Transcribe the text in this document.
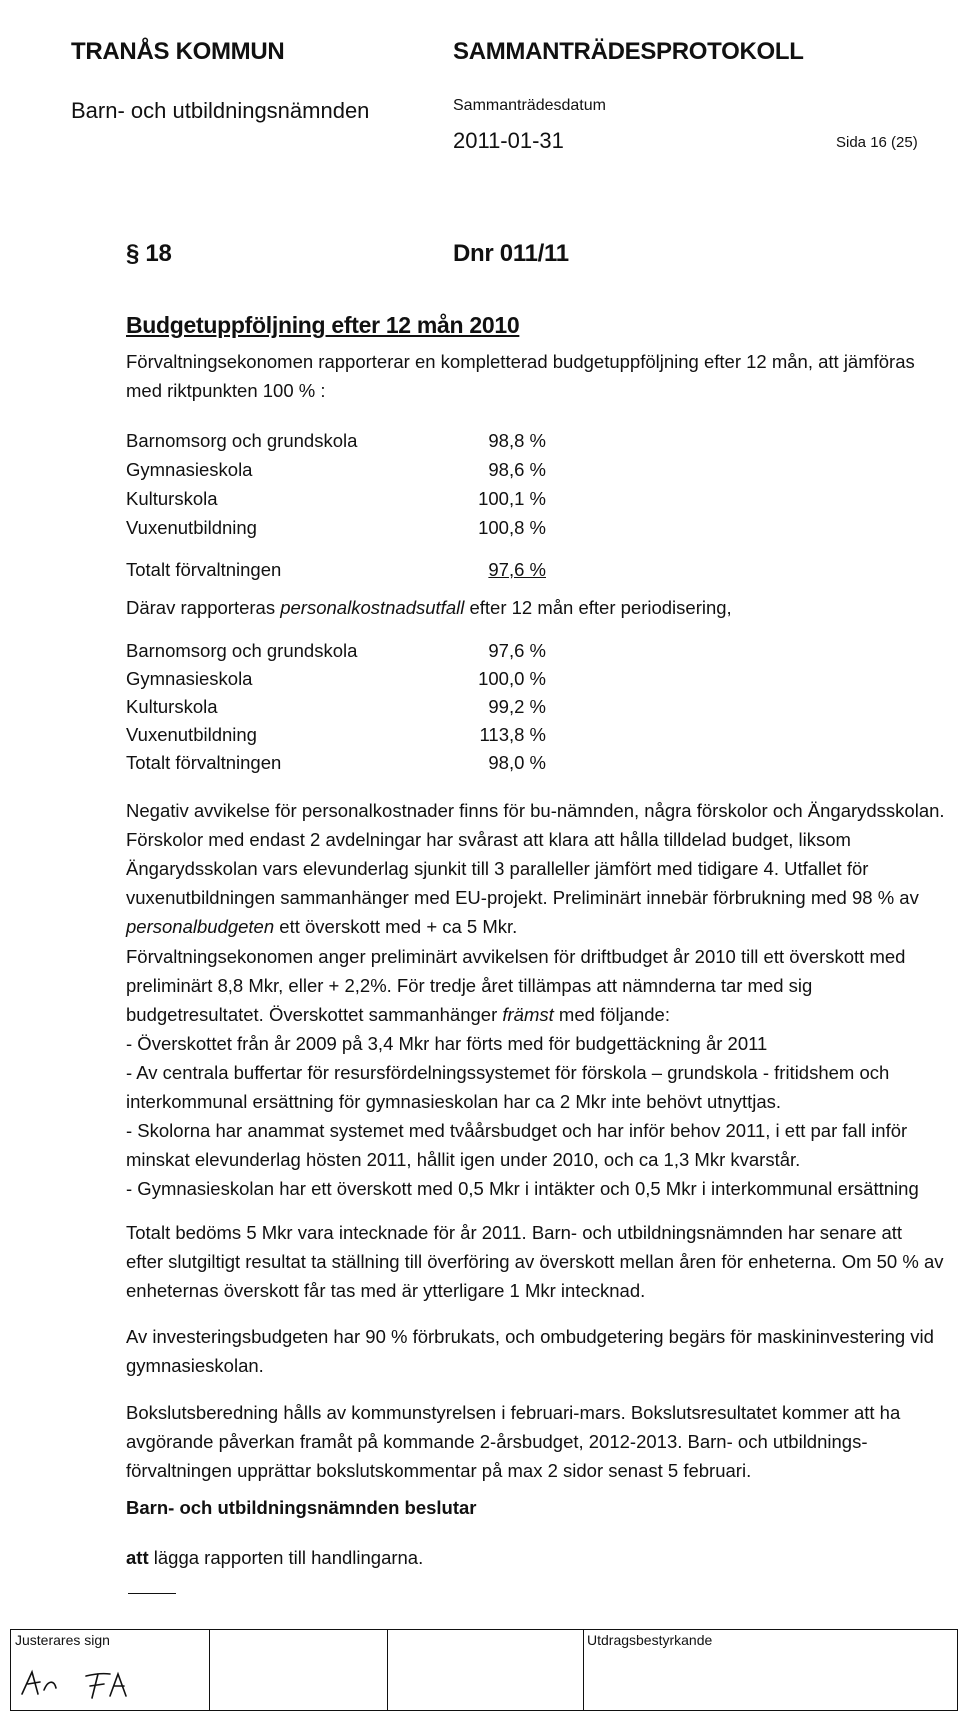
TRANÅS KOMMUN	SAMMANTRÄDESPROTOKOLL
Barn- och utbildningsnämnden	Sammanträdesdatum
2011-01-31	Sida 16 (25)
§ 18	Dnr 011/11
Budgetuppföljning efter 12 mån 2010
Förvaltningsekonomen rapporterar en kompletterad budgetuppföljning efter 12 mån, att jämföras
med riktpunkten 100 % :
Barnomsorg och grundskola	98,8 %
Gymnasieskola	98,6 %
Kulturskola	100,1 %
Vuxenutbildning	100,8 %
Totalt förvaltningen	97,6 %
Därav rapporteras personalkostnadsutfall efter 12 mån efter periodisering,
Barnomsorg och grundskola	97,6 %
Gymnasieskola	100,0 %
Kulturskola	99,2 %
Vuxenutbildning	113,8 %
Totalt förvaltningen	98,0 %
Negativ avvikelse för personalkostnader finns för bu-nämnden, några förskolor och Ängarydsskolan.
Förskolor med endast 2 avdelningar har svårast att klara att hålla tilldelad budget, liksom
Ängarydsskolan vars elevunderlag sjunkit till 3 paralleller jämfört med tidigare 4. Utfallet för
vuxenutbildningen sammanhänger med EU-projekt. Preliminärt innebär förbrukning med 98 % av
personalbudgeten ett överskott med + ca 5 Mkr.
Förvaltningsekonomen anger preliminärt avvikelsen för driftbudget år 2010 till ett överskott med
preliminärt 8,8 Mkr, eller + 2,2%. För tredje året tillämpas att nämnderna tar med sig
budgetresultatet. Överskottet sammanhänger främst med följande:
- Överskottet från år 2009 på 3,4 Mkr har förts med för budgettäckning år 2011
- Av centrala buffertar för resursfördelningssystemet för förskola – grundskola - fritidshem och
interkommunal ersättning för gymnasieskolan har ca 2 Mkr inte behövt utnyttjas.
- Skolorna har anammat systemet med tvåårsbudget och har inför behov 2011, i ett par fall inför
minskat elevunderlag hösten 2011, hållit igen under 2010, och ca 1,3 Mkr kvarstår.
- Gymnasieskolan har ett överskott med 0,5 Mkr i intäkter och 0,5 Mkr i interkommunal ersättning
Totalt bedöms 5 Mkr vara intecknade för år 2011. Barn- och utbildningsnämnden har senare att
efter slutgiltigt resultat ta ställning till överföring av överskott mellan åren för enheterna. Om 50 % av
enheternas överskott får tas med är ytterligare 1 Mkr intecknad.
Av investeringsbudgeten har 90 % förbrukats, och ombudgetering begärs för maskininvestering vid
gymnasieskolan.
Bokslutsberedning hålls av kommunstyrelsen i februari-mars. Bokslutsresultatet kommer att ha
avgörande påverkan framåt på kommande 2-årsbudget, 2012-2013. Barn- och utbildnings-
förvaltningen upprättar bokslutskommentar på max 2 sidor senast 5 februari.
Barn- och utbildningsnämnden beslutar
att lägga rapporten till handlingarna.
Justerares sign	Utdragsbestyrkande
